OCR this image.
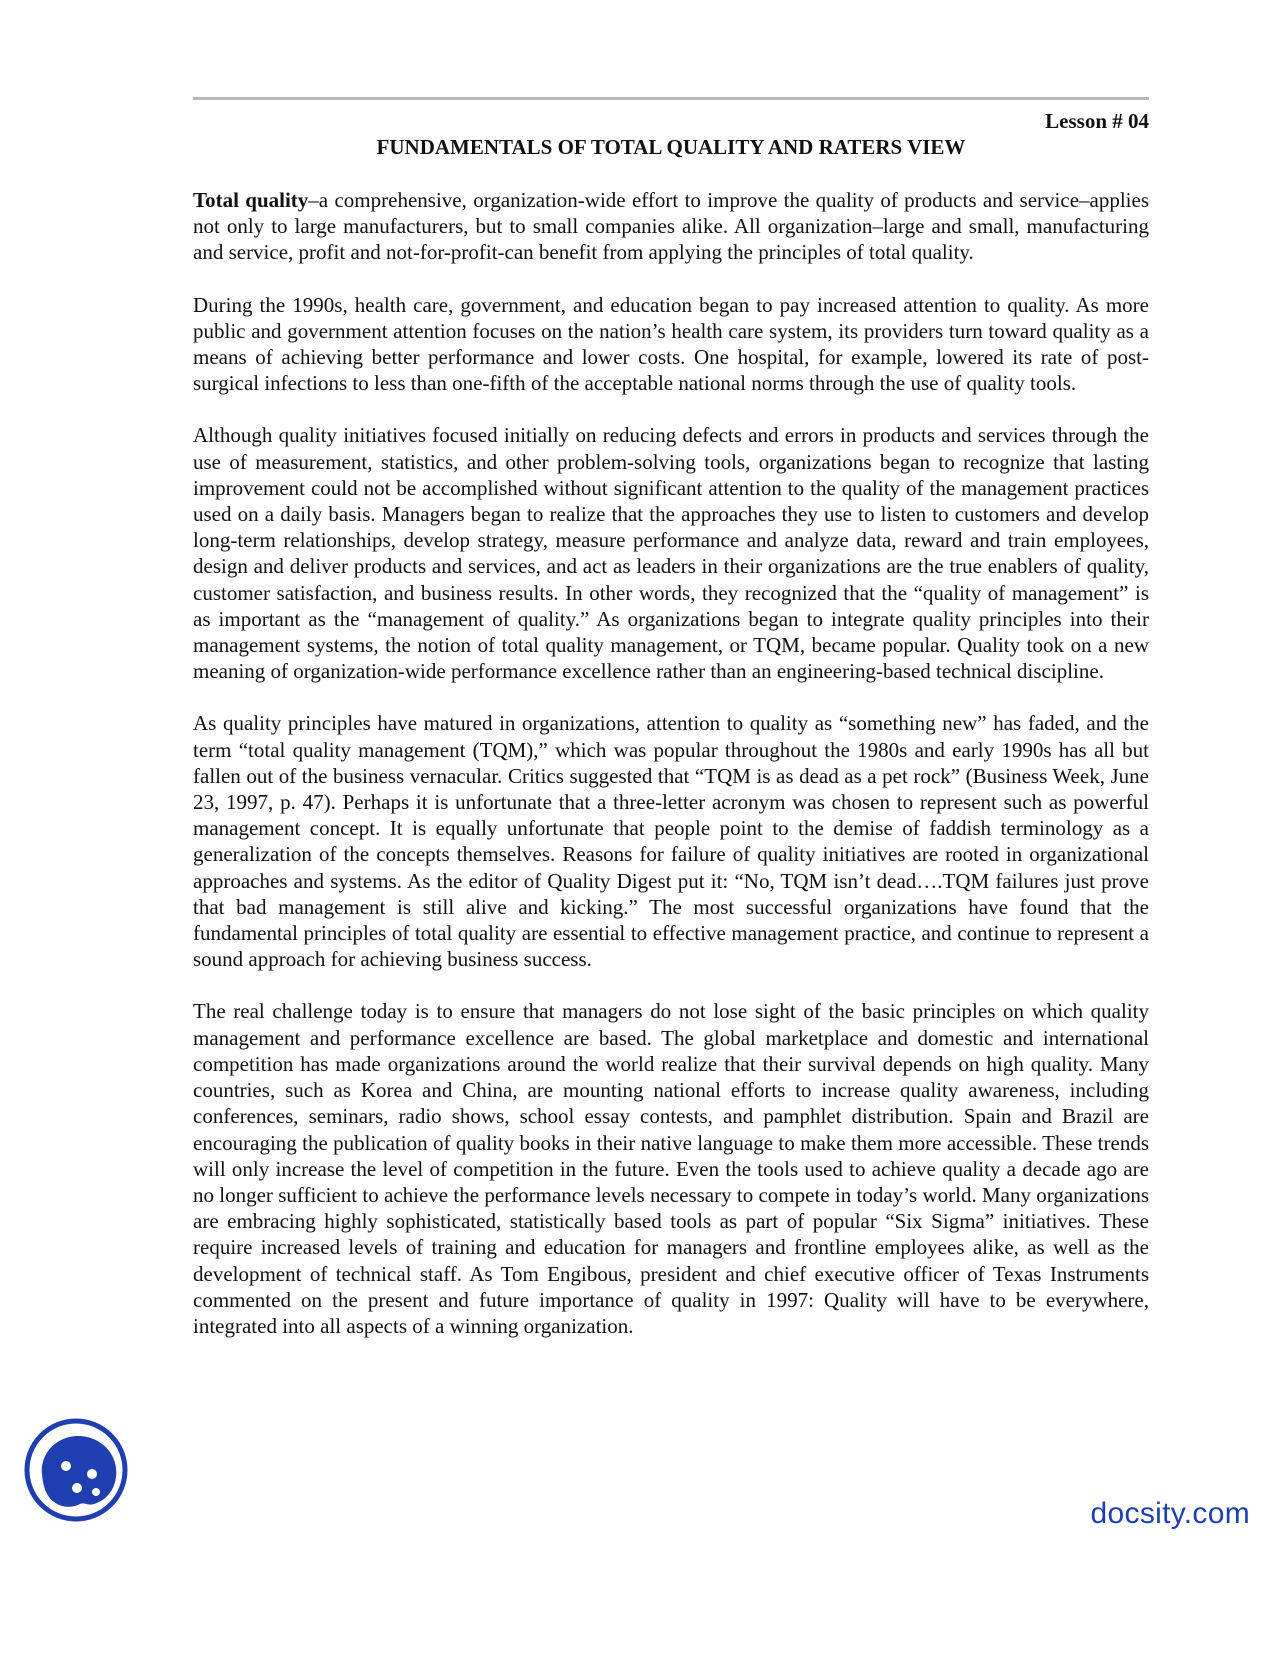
Lesson # 04
FUNDAMENTALS OF TOTAL QUALITY AND RATERS VIEW

Total quality–a comprehensive, organization-wide effort to improve the quality of products and service–applies not only to large manufacturers, but to small companies alike. All organization–large and small, manufacturing and service, profit and not-for-profit-can benefit from applying the principles of total quality.

During the 1990s, health care, government, and education began to pay increased attention to quality. As more public and government attention focuses on the nation’s health care system, its providers turn toward quality as a means of achieving better performance and lower costs. One hospital, for example, lowered its rate of post-surgical infections to less than one-fifth of the acceptable national norms through the use of quality tools.

Although quality initiatives focused initially on reducing defects and errors in products and services through the use of measurement, statistics, and other problem-solving tools, organizations began to recognize that lasting improvement could not be accomplished without significant attention to the quality of the management practices used on a daily basis. Managers began to realize that the approaches they use to listen to customers and develop long-term relationships, develop strategy, measure performance and analyze data, reward and train employees, design and deliver products and services, and act as leaders in their organizations are the true enablers of quality, customer satisfaction, and business results. In other words, they recognized that the “quality of management” is as important as the “management of quality.” As organizations began to integrate quality principles into their management systems, the notion of total quality management, or TQM, became popular. Quality took on a new meaning of organization-wide performance excellence rather than an engineering-based technical discipline.

As quality principles have matured in organizations, attention to quality as “something new” has faded, and the term “total quality management (TQM),” which was popular throughout the 1980s and early 1990s has all but fallen out of the business vernacular. Critics suggested that “TQM is as dead as a pet rock” (Business Week, June 23, 1997, p. 47). Perhaps it is unfortunate that a three-letter acronym was chosen to represent such as powerful management concept. It is equally unfortunate that people point to the demise of faddish terminology as a generalization of the concepts themselves. Reasons for failure of quality initiatives are rooted in organizational approaches and systems. As the editor of Quality Digest put it: “No, TQM isn’t dead….TQM failures just prove that bad management is still alive and kicking.” The most successful organizations have found that the fundamental principles of total quality are essential to effective management practice, and continue to represent a sound approach for achieving business success.

The real challenge today is to ensure that managers do not lose sight of the basic principles on which quality management and performance excellence are based. The global marketplace and domestic and international competition has made organizations around the world realize that their survival depends on high quality. Many countries, such as Korea and China, are mounting national efforts to increase quality awareness, including conferences, seminars, radio shows, school essay contests, and pamphlet distribution. Spain and Brazil are encouraging the publication of quality books in their native language to make them more accessible. These trends will only increase the level of competition in the future. Even the tools used to achieve quality a decade ago are no longer sufficient to achieve the performance levels necessary to compete in today’s world. Many organizations are embracing highly sophisticated, statistically based tools as part of popular “Six Sigma” initiatives. These require increased levels of training and education for managers and frontline employees alike, as well as the development of technical staff. As Tom Engibous, president and chief executive officer of Texas Instruments commented on the present and future importance of quality in 1997: Quality will have to be everywhere, integrated into all aspects of a winning organization.

docsity.com
